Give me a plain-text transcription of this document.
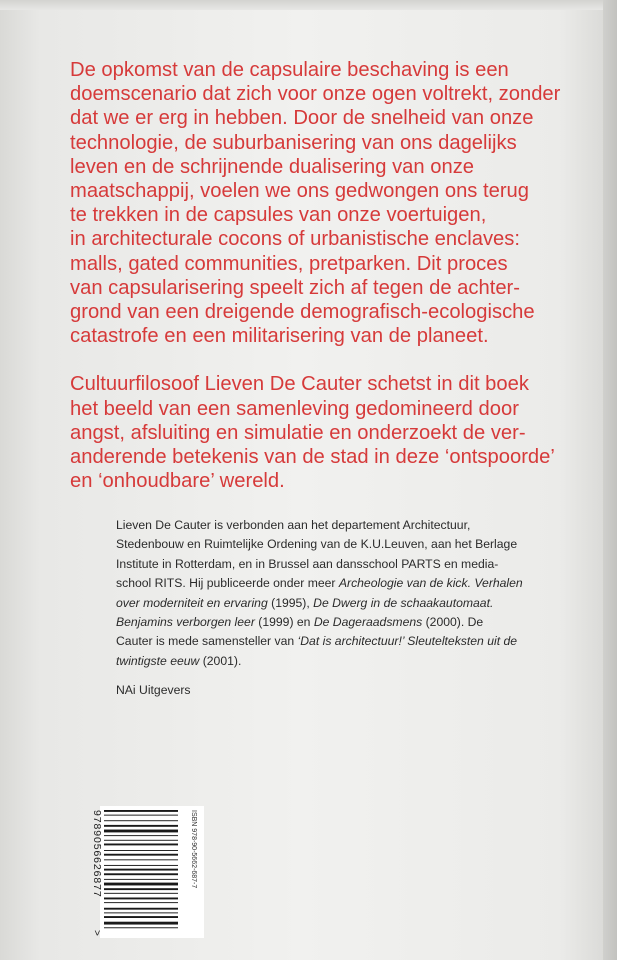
De opkomst van de capsulaire beschaving is een
doemscenario dat zich voor onze ogen voltrekt, zonder
dat we er erg in hebben. Door de snelheid van onze
technologie, de suburbanisering van ons dagelijks
leven en de schrijnende dualisering van onze
maatschappij, voelen we ons gedwongen ons terug
te trekken in de capsules van onze voertuigen,
in architecturale cocons of urbanistische enclaves:
malls, gated communities, pretparken. Dit proces
van capsularisering speelt zich af tegen de achter-
grond van een dreigende demografisch-ecologische
catastrofe en een militarisering van de planeet.

Cultuurfilosoof Lieven De Cauter schetst in dit boek
het beeld van een samenleving gedomineerd door
angst, afsluiting en simulatie en onderzoekt de ver-
anderende betekenis van de stad in deze ‘ontspoorde’
en ‘onhoudbare’ wereld.

Lieven De Cauter is verbonden aan het departement Architectuur,
Stedenbouw en Ruimtelijke Ordening van de K.U.Leuven, aan het Berlage
Institute in Rotterdam, en in Brussel aan dansschool PARTS en media-
school RITS. Hij publiceerde onder meer Archeologie van de kick. Verhalen
over moderniteit en ervaring (1995), De Dwerg in de schaakautomaat.
Benjamins verborgen leer (1999) en De Dageraadsmens (2000). De
Cauter is mede samensteller van ‘Dat is architectuur!’ Sleutelteksten uit de
twintigste eeuw (2001).
NAi Uitgevers
ISBN 978-90-5662-687-7
9789056626877
>
